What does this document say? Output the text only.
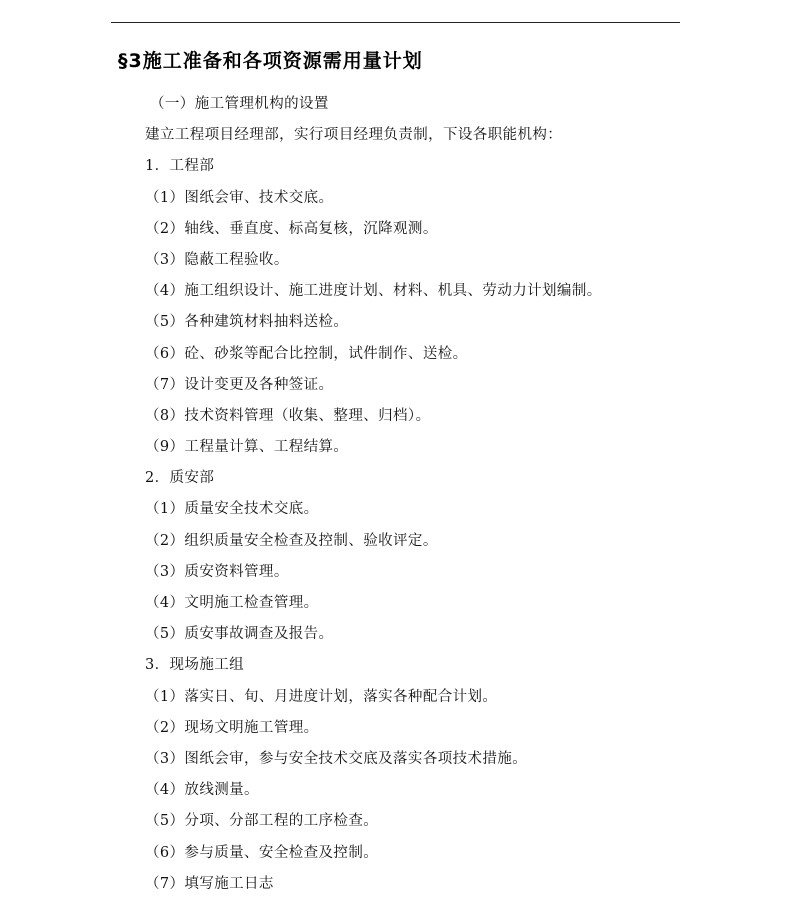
§3施工准备和各项资源需用量计划
（一）施工管理机构的设置
建立工程项目经理部，实行项目经理负责制，下设各职能机构：
1．工程部
（1）图纸会审、技术交底。
（2）轴线、垂直度、标高复核，沉降观测。
（3）隐蔽工程验收。
（4）施工组织设计、施工进度计划、材料、机具、劳动力计划编制。
（5）各种建筑材料抽料送检。
（6）砼、砂浆等配合比控制，试件制作、送检。
（7）设计变更及各种签证。
（8）技术资料管理（收集、整理、归档）。
（9）工程量计算、工程结算。
2．质安部
（1）质量安全技术交底。
（2）组织质量安全检查及控制、验收评定。
（3）质安资料管理。
（4）文明施工检查管理。
（5）质安事故调查及报告。
3．现场施工组
（1）落实日、旬、月进度计划，落实各种配合计划。
（2）现场文明施工管理。
（3）图纸会审，参与安全技术交底及落实各项技术措施。
（4）放线测量。
（5）分项、分部工程的工序检查。
（6）参与质量、安全检查及控制。
（7）填写施工日志
